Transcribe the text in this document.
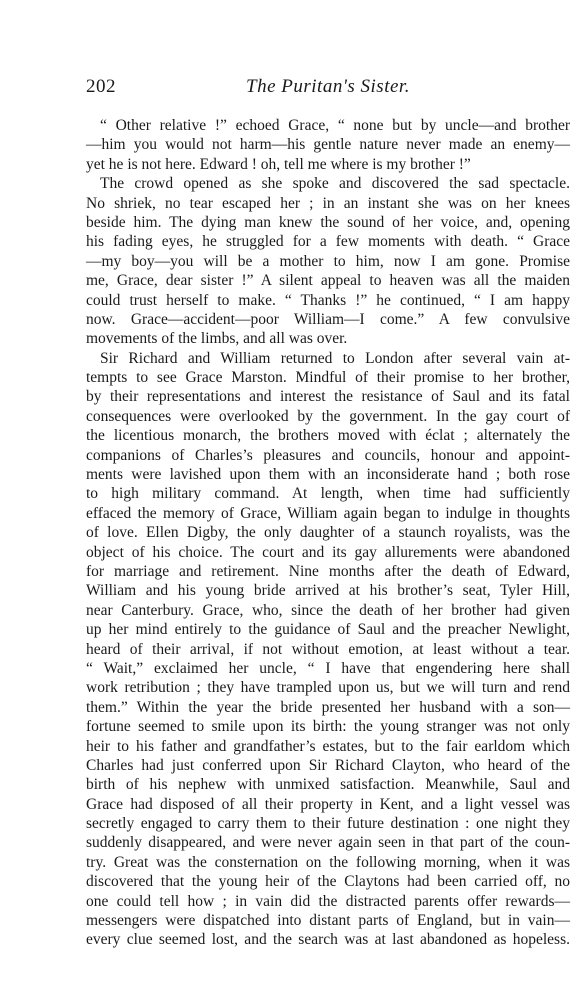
202	The Puritan's Sister.
“ Other relative !” echoed Grace, “ none but by uncle—and brother
—him you would not harm—his gentle nature never made an enemy—
yet he is not here. Edward ! oh, tell me where is my brother !”
The crowd opened as she spoke and discovered the sad spectacle.
No shriek, no tear escaped her ; in an instant she was on her knees
beside him. The dying man knew the sound of her voice, and, opening
his fading eyes, he struggled for a few moments with death. “ Grace
—my boy—you will be a mother to him, now I am gone. Promise
me, Grace, dear sister !” A silent appeal to heaven was all the maiden
could trust herself to make. “ Thanks !” he continued, “ I am happy
now. Grace—accident—poor William—I come.” A few convulsive
movements of the limbs, and all was over.
Sir Richard and William returned to London after several vain at-
tempts to see Grace Marston. Mindful of their promise to her brother,
by their representations and interest the resistance of Saul and its fatal
consequences were overlooked by the government. In the gay court of
the licentious monarch, the brothers moved with éclat ; alternately the
companions of Charles’s pleasures and councils, honour and appoint-
ments were lavished upon them with an inconsiderate hand ; both rose
to high military command. At length, when time had sufficiently
effaced the memory of Grace, William again began to indulge in thoughts
of love. Ellen Digby, the only daughter of a staunch royalists, was the
object of his choice. The court and its gay allurements were abandoned
for marriage and retirement. Nine months after the death of Edward,
William and his young bride arrived at his brother’s seat, Tyler Hill,
near Canterbury. Grace, who, since the death of her brother had given
up her mind entirely to the guidance of Saul and the preacher Newlight,
heard of their arrival, if not without emotion, at least without a tear.
“ Wait,” exclaimed her uncle, “ I have that engendering here shall
work retribution ; they have trampled upon us, but we will turn and rend
them.” Within the year the bride presented her husband with a son—
fortune seemed to smile upon its birth: the young stranger was not only
heir to his father and grandfather’s estates, but to the fair earldom which
Charles had just conferred upon Sir Richard Clayton, who heard of the
birth of his nephew with unmixed satisfaction. Meanwhile, Saul and
Grace had disposed of all their property in Kent, and a light vessel was
secretly engaged to carry them to their future destination : one night they
suddenly disappeared, and were never again seen in that part of the coun-
try. Great was the consternation on the following morning, when it was
discovered that the young heir of the Claytons had been carried off, no
one could tell how ; in vain did the distracted parents offer rewards—
messengers were dispatched into distant parts of England, but in vain—
every clue seemed lost, and the search was at last abandoned as hopeless.
